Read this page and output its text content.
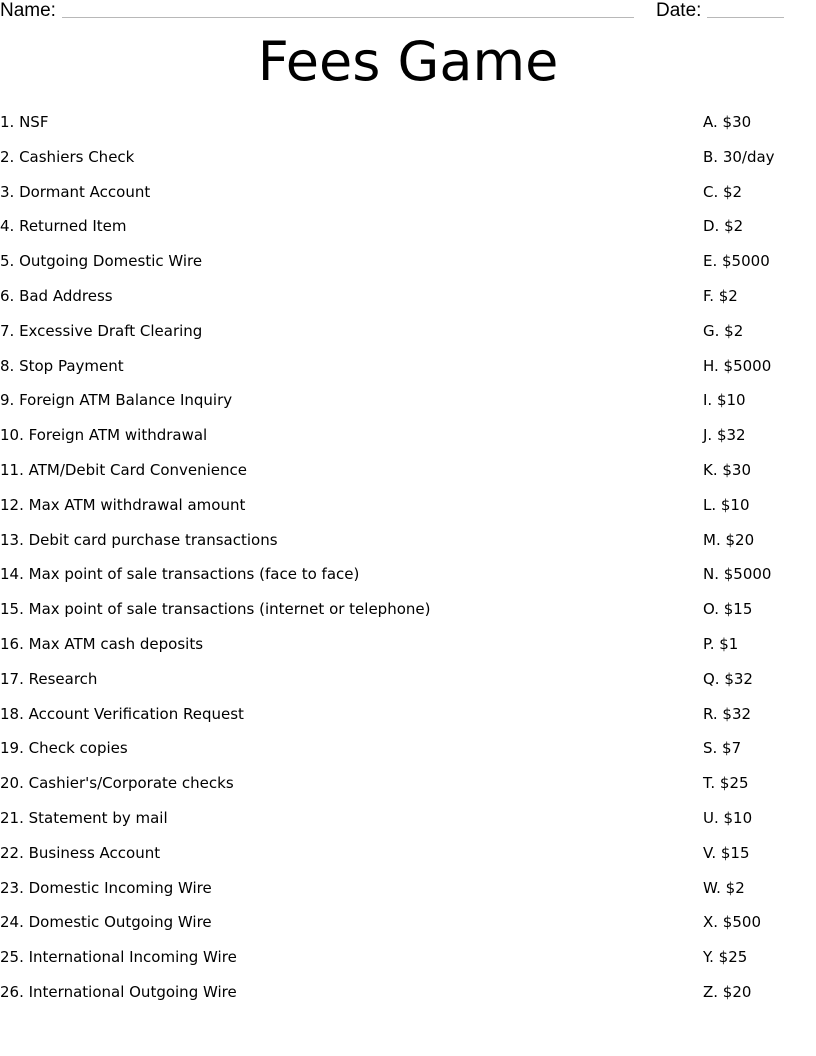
Name:	Date:
Fees Game
1. NSF	A. $30
2. Cashiers Check	B. 30/day
3. Dormant Account	C. $2
4. Returned Item	D. $2
5. Outgoing Domestic Wire	E. $5000
6. Bad Address	F. $2
7. Excessive Draft Clearing	G. $2
8. Stop Payment	H. $5000
9. Foreign ATM Balance Inquiry	I. $10
10. Foreign ATM withdrawal	J. $32
11. ATM/Debit Card Convenience	K. $30
12. Max ATM withdrawal amount	L. $10
13. Debit card purchase transactions	M. $20
14. Max point of sale transactions (face to face)	N. $5000
15. Max point of sale transactions (internet or telephone)	O. $15
16. Max ATM cash deposits	P. $1
17. Research	Q. $32
18. Account Verification Request	R. $32
19. Check copies	S. $7
20. Cashier's/Corporate checks	T. $25
21. Statement by mail	U. $10
22. Business Account	V. $15
23. Domestic Incoming Wire	W. $2
24. Domestic Outgoing Wire	X. $500
25. International Incoming Wire	Y. $25
26. International Outgoing Wire	Z. $20
